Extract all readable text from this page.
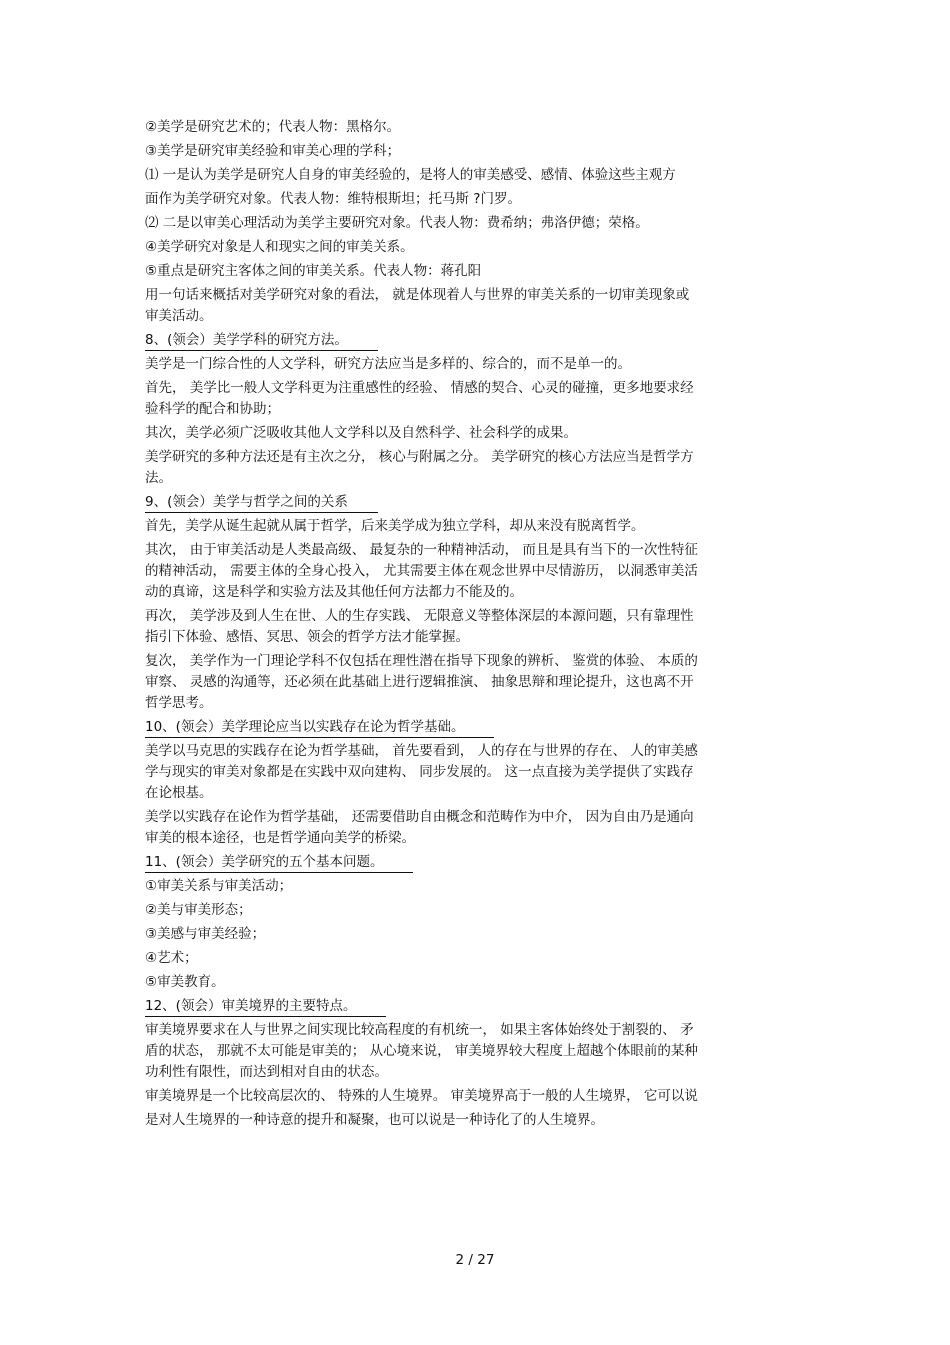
②美学是研究艺术的；代表人物：黑格尔。
③美学是研究审美经验和审美心理的学科；
⑴ 一是认为美学是研究人自身的审美经验的，是将人的审美感受、感情、体验这些主观方
面作为美学研究对象。代表人物：维特根斯坦；托马斯 ?门罗。
⑵ 二是以审美心理活动为美学主要研究对象。代表人物：费希纳；弗洛伊德；荣格。
④美学研究对象是人和现实之间的审美关系。
⑤重点是研究主客体之间的审美关系。代表人物：蒋孔阳
用一句话来概括对美学研究对象的看法， 就是体现着人与世界的审美关系的一切审美现象或
审美活动。
8、(领会）美学学科的研究方法。
美学是一门综合性的人文学科，研究方法应当是多样的、综合的，而不是单一的。
首先， 美学比一般人文学科更为注重感性的经验、 情感的契合、心灵的碰撞，更多地要求经
验科学的配合和协助；
其次，美学必须广泛吸收其他人文学科以及自然科学、社会科学的成果。
美学研究的多种方法还是有主次之分， 核心与附属之分。 美学研究的核心方法应当是哲学方
法。
9、(领会）美学与哲学之间的关系
首先，美学从诞生起就从属于哲学，后来美学成为独立学科，却从来没有脱离哲学。
其次， 由于审美活动是人类最高级、 最复杂的一种精神活动， 而且是具有当下的一次性特征
的精神活动， 需要主体的全身心投入， 尤其需要主体在观念世界中尽情游历， 以洞悉审美活
动的真谛，这是科学和实验方法及其他任何方法都力不能及的。
再次， 美学涉及到人生在世、人的生存实践、 无限意义等整体深层的本源问题，只有靠理性
指引下体验、感悟、冥思、领会的哲学方法才能掌握。
复次， 美学作为一门理论学科不仅包括在理性潜在指导下现象的辨析、 鉴赏的体验、 本质的
审察、 灵感的沟通等，还必须在此基础上进行逻辑推演、 抽象思辩和理论提升，这也离不开
哲学思考。
10、(领会）美学理论应当以实践存在论为哲学基础。
美学以马克思的实践存在论为哲学基础， 首先要看到， 人的存在与世界的存在、 人的审美感
学与现实的审美对象都是在实践中双向建构、 同步发展的。 这一点直接为美学提供了实践存
在论根基。
美学以实践存在论作为哲学基础， 还需要借助自由概念和范畴作为中介， 因为自由乃是通向
审美的根本途径，也是哲学通向美学的桥梁。
11、(领会）美学研究的五个基本问题。
①审美关系与审美活动；
②美与审美形态；
③美感与审美经验；
④艺术；
⑤审美教育。
12、(领会）审美境界的主要特点。
审美境界要求在人与世界之间实现比较高程度的有机统一， 如果主客体始终处于割裂的、 矛
盾的状态， 那就不太可能是审美的； 从心境来说， 审美境界较大程度上超越个体眼前的某种
功利性有限性，而达到相对自由的状态。
审美境界是一个比较高层次的、 特殊的人生境界。 审美境界高于一般的人生境界， 它可以说
是对人生境界的一种诗意的提升和凝聚，也可以说是一种诗化了的人生境界。
2 / 27
